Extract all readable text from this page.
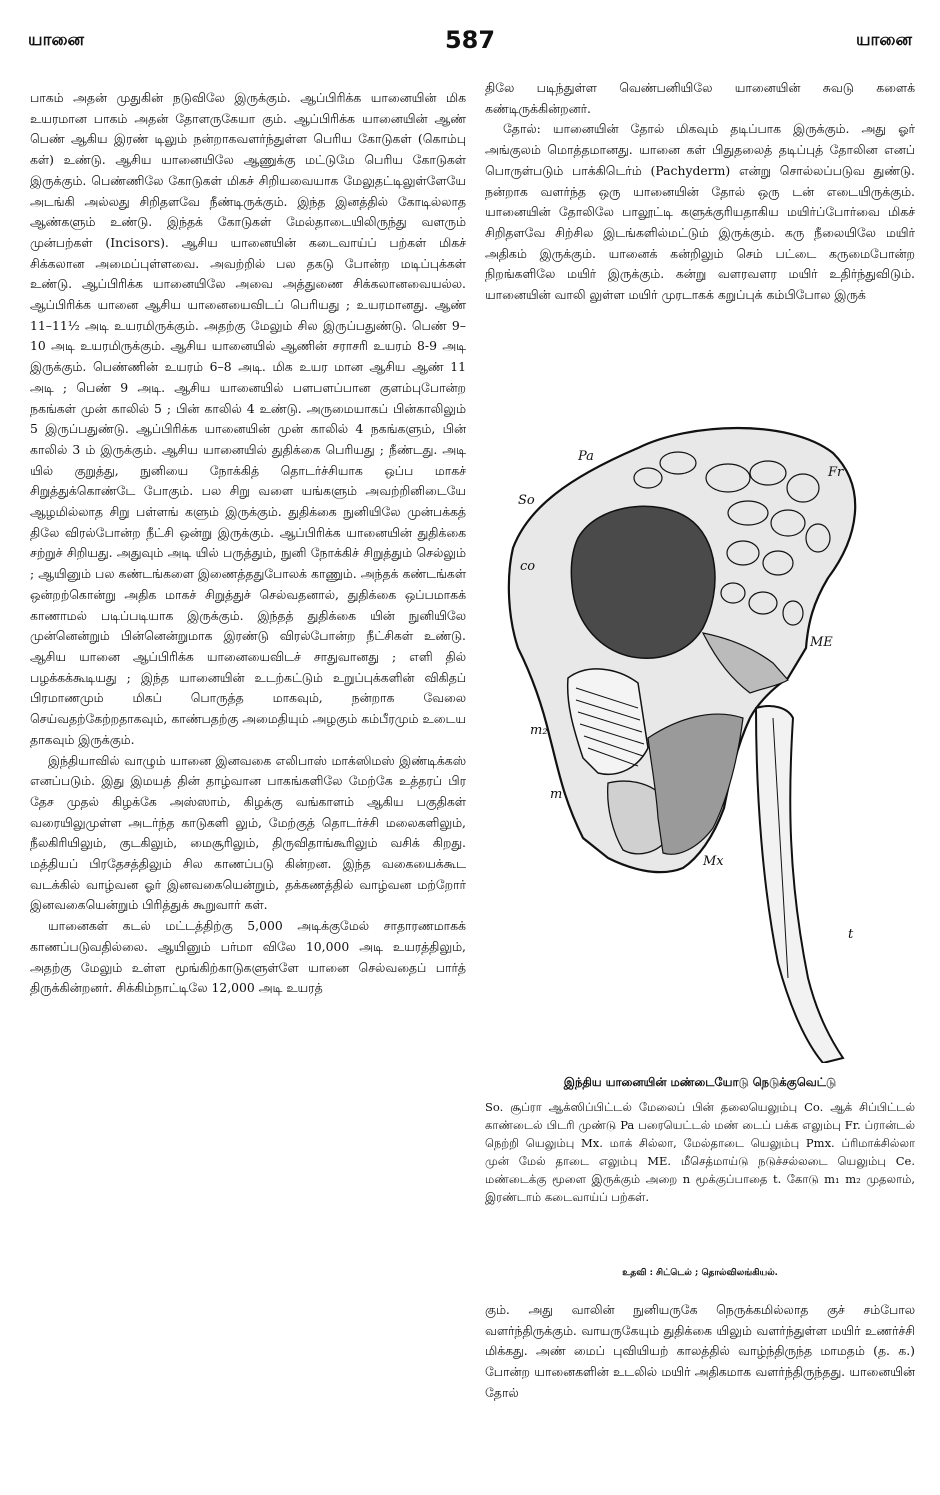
யானை	587	யானை

பாகம் அதன் முதுகின் நடுவிலே இருக்கும். ஆப்பிரிக்க யானையின் மிக உயரமான பாகம் அதன் தோளருகேயா கும். ஆப்பிரிக்க யானையின் ஆண் பெண் ஆகிய இரண் டிலும் நன்றாகவளர்ந்துள்ள பெரிய கோடுகள் (கொம்பு கள்) உண்டு. ஆசிய யானையிலே ஆணுக்கு மட்டுமே பெரிய கோடுகள் இருக்கும். பெண்ணிலே கோடுகள் மிகச் சிறியவையாக மேலுதட்டிலுள்ளேயே அடங்கி அல்லது சிறிதளவே நீண்டிருக்கும். இந்த இனத்தில் கோடில்லாத ஆண்களும் உண்டு. இந்தக் கோடுகள் மேல்தாடையிலிருந்து வளரும் முன்பற்கள் (Incisors). ஆசிய யானையின் கடைவாய்ப் பற்கள் மிகச் சிக்கலான அமைப்புள்ளவை. அவற்றில் பல தகடு போன்ற மடிப்புக்கள் உண்டு. ஆப்பிரிக்க யானையிலே அவை அத்துணை சிக்கலானவையல்ல. ஆப்பிரிக்க யானை ஆசிய யானையைவிடப் பெரியது ; உயரமானது. ஆண் 11–11½ அடி உயரமிருக்கும். அதற்கு மேலும் சில இருப்பதுண்டு. பெண் 9–10 அடி உயரமிருக்கும். ஆசிய யானையில் ஆணின் சராசரி உயரம் 8-9 அடி இருக்கும். பெண்ணின் உயரம் 6–8 அடி. மிக உயர மான ஆசிய ஆண் 11 அடி ; பெண் 9 அடி. ஆசிய யானையில் பளபளப்பான குளம்புபோன்ற நகங்கள் முன் காலில் 5 ; பின் காலில் 4 உண்டு. அருமையாகப் பின்காலிலும் 5 இருப்பதுண்டு. ஆப்பிரிக்க யானையின் முன் காலில் 4 நகங்களும், பின் காலில் 3 ம் இருக்கும். ஆசிய யானையில் துதிக்கை பெரியது ; நீண்டது. அடி யில் குறுத்து, நுனியை நோக்கித் தொடர்ச்சியாக ஒப்ப மாகச் சிறுத்துக்கொண்டே போகும். பல சிறு வளை யங்களும் அவற்றினிடையே ஆழமில்லாத சிறு பள்ளங் களும் இருக்கும். துதிக்கை நுனியிலே முன்பக்கத் திலே விரல்போன்ற நீட்சி ஒன்று இருக்கும். ஆப்பிரிக்க யானையின் துதிக்கை சற்றுச் சிறியது. அதுவும் அடி யில் பருத்தும், நுனி நோக்கிச் சிறுத்தும் செல்லும் ; ஆயினும் பல கண்டங்களை இணைத்ததுபோலக் காணும். அந்தக் கண்டங்கள் ஒன்றற்கொன்று அதிக மாகச் சிறுத்துச் செல்வதனால், துதிக்கை ஒப்பமாகக் காணாமல் படிப்படியாக இருக்கும். இந்தத் துதிக்கை யின் நுனியிலே முன்னென்றும் பின்னென்றுமாக இரண்டு விரல்போன்ற நீட்சிகள் உண்டு. ஆசிய யானை ஆப்பிரிக்க யானையைவிடச் சாதுவானது ; எளி தில் பழக்கக்கூடியது ; இந்த யானையின் உடற்கட்டும் உறுப்புக்களின் விகிதப் பிரமாணமும் மிகப் பொருத்த மாகவும், நன்றாக வேலை செய்வதற்கேற்றதாகவும், காண்பதற்கு அமைதியும் அழகும் கம்பீரமும் உடைய தாகவும் இருக்கும்.

இந்தியாவில் வாழும் யானை இனவகை எலிபாஸ் மாக்ஸிமஸ் இண்டிக்கஸ் எனப்படும். இது இமயத் தின் தாழ்வான பாகங்களிலே மேற்கே உத்தரப் பிர தேச முதல் கிழக்கே அஸ்ஸாம், கிழக்கு வங்காளம் ஆகிய பகுதிகள் வரையிலுமுள்ள அடர்ந்த காடுகளி லும், மேற்குத் தொடர்ச்சி மலைகளிலும், நீலகிரியிலும், குடகிலும், மைசூரிலும், திருவிதாங்கூரிலும் வசிக் கிறது. மத்தியப் பிரதேசத்திலும் சில காணப்படு கின்றன. இந்த வகையைக்கூட வடக்கில் வாழ்வன ஓர் இனவகையென்றும், தக்கணத்தில் வாழ்வன மற்றோர் இனவகையென்றும் பிரித்துக் கூறுவார் கள்.

யானைகள் கடல் மட்டத்திற்கு 5,000 அடிக்குமேல் சாதாரணமாகக் காணப்படுவதில்லை. ஆயினும் பர்மா விலே 10,000 அடி உயரத்திலும், அதற்கு மேலும் உள்ள மூங்கிற்காடுகளுள்ளே யானை செல்வதைப் பார்த் திருக்கின்றனர். சிக்கிம்நாட்டிலே 12,000 அடி உயரத்

திலே படிந்துள்ள வெண்பனியிலே யானையின் சுவடு களைக் கண்டிருக்கின்றனர்.

தோல்: யானையின் தோல் மிகவும் தடிப்பாக இருக்கும். அது ஓர் அங்குலம் மொத்தமானது. யானை கள் பிதுதலைத் தடிப்புத் தோலின எனப் பொருள்படும் பாக்கிடெர்ம் (Pachyderm) என்று சொல்லப்படுவ துண்டு. நன்றாக வளர்ந்த ஒரு யானையின் தோல் ஒரு டன் எடையிருக்கும். யானையின் தோலிலே பாலூட்டி களுக்குரியதாகிய மயிர்ப்போர்வை மிகச் சிறிதளவே சிற்சில இடங்களில்மட்டும் இருக்கும். கரு நீலையிலே மயிர் அதிகம் இருக்கும். யானைக் கன்றிலும் செம் பட்டை கருமைபோன்ற நிறங்களிலே மயிர் இருக்கும். கன்று வளரவளர மயிர் உதிர்ந்துவிடும். யானையின் வாலி லுள்ள மயிர் முரடாகக் கறுப்புக் கம்பிபோல இருக்

Pa
Fr
So
co
ME
m₂
m
Mx
t
இந்திய யானையின் மண்டையோடு நெடுக்குவெட்டு
So. சூப்ரா ஆக்ஸிப்பிட்டல் மேலைப் பின் தலையெலும்பு Co. ஆக் சிப்பிட்டல் காண்டைல் பிடரி முண்டு Pa பரையெட்டல் மண் டைப் பக்க எலும்பு Fr. ப்ரான்டல் நெற்றி யெலும்பு Mx. மாக் சில்லா, மேல்தாடை யெலும்பு Pmx. ப்ரிமாக்சில்லா முன் மேல் தாடை எலும்பு ME. மீசெத்மாய்டு நடுச்சல்லடை யெலும்பு Ce. மண்டைக்கு மூளை இருக்கும் அறை n மூக்குப்பாதை t. கோடு m₁ m₂ முதலாம், இரண்டாம் கடைவாய்ப் பற்கள்.
உதவி : சிட்டெல் ; தொல்விலங்கியல்.

கும். அது வாலின் நுனியருகே நெருக்கமில்லாத குச் சம்போல வளர்ந்திருக்கும். வாயருகேயும் துதிக்கை யிலும் வளர்ந்துள்ள மயிர் உணர்ச்சி மிக்கது. அண் மைப் புவியியற் காலத்தில் வாழ்ந்திருந்த மாமதம் (த. க.) போன்ற யானைகளின் உடலில் மயிர் அதிகமாக வளர்ந்திருந்தது. யானையின் தோல்
